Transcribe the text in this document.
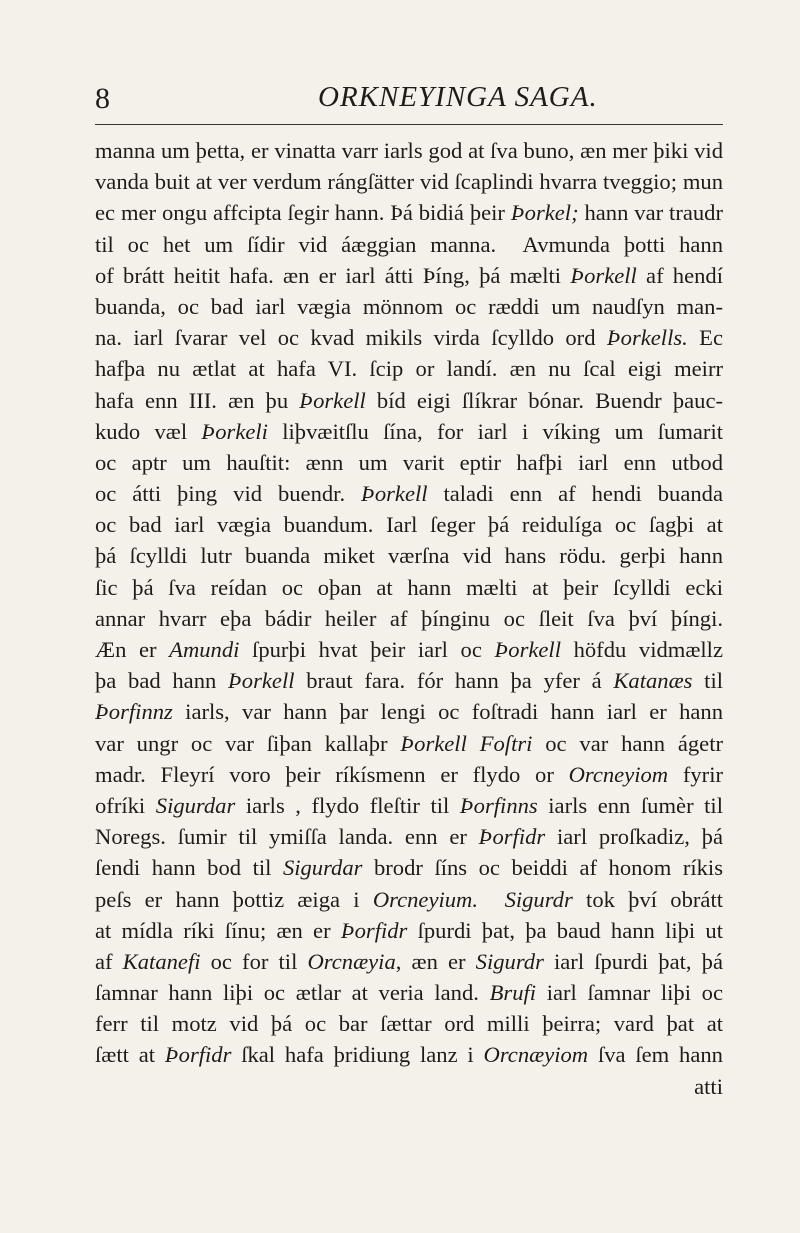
8	ORKNEYINGA SAGA.
manna um þetta, er vinatta varr iarls god at ſva buno, æn mer þiki vid
vanda buit at ver verdum rángſätter vid ſcaplindi hvarra tveggio; mun
ec mer ongu affcipta ſegir hann. Þá bidiá þeir Þorkel; hann var traudr
til oc het um ſídir vid áæggian manna.  Avmunda þotti hann
of brátt heitit hafa. æn er iarl átti Þíng, þá mælti Þorkell af hendí
buanda, oc bad iarl vægia mönnom oc ræddi um naudſyn man-
na. iarl ſvarar vel oc kvad mikils virda ſcylldo ord Þorkells. Ec
hafþa nu ætlat at hafa VI. ſcip or landí. æn nu ſcal eigi meirr
hafa enn III. æn þu Þorkell bíd eigi ſlíkrar bónar. Buendr þauc-
kudo væl Þorkeli liþvæitſlu ſína, for iarl i víking um ſumarit
oc aptr um hauſtit: ænn um varit eptir hafþi iarl enn utbod
oc átti þing vid buendr. Þorkell taladi enn af hendi buanda
oc bad iarl vægia buandum. Iarl ſeger þá reidulíga oc ſagþi at
þá ſcylldi lutr buanda miket værſna vid hans rödu. gerþi hann
ſic þá ſva reídan oc oþan at hann mælti at þeir ſcylldi ecki
annar hvarr eþa bádir heiler af þínginu oc ſleit ſva því þíngi.
Æn er Amundi ſpurþi hvat þeir iarl oc Þorkell höfdu vidmællz
þa bad hann Þorkell braut fara. fór hann þa yfer á Katanæs til
Þorfinnz iarls, var hann þar lengi oc foſtradi hann iarl er hann
var ungr oc var ſiþan kallaþr Þorkell Foſtri oc var hann ágetr
madr. Fleyrí voro þeir ríkísmenn er flydo or Orcneyiom fyrir
ofríki Sigurdar iarls , flydo fleſtir til Þorfinns iarls enn ſumèr til
Noregs. ſumir til ymiſſa landa. enn er Þorfidr iarl proſkadiz, þá
ſendi hann bod til Sigurdar brodr ſíns oc beiddi af honom ríkis
peſs er hann þottiz æiga i Orcneyium. Sigurdr tok því obrátt
at mídla ríki ſínu; æn er Þorfidr ſpurdi þat, þa baud hann liþi ut
af Katanefi oc for til Orcnæyia, æn er Sigurdr iarl ſpurdi þat, þá
ſamnar hann liþi oc ætlar at veria land. Brufi iarl ſamnar liþi oc
ferr til motz vid þá oc bar ſættar ord milli þeirra; vard þat at
ſætt at Þorfidr ſkal hafa þridiung lanz i Orcnæyiom ſva ſem hann
atti
